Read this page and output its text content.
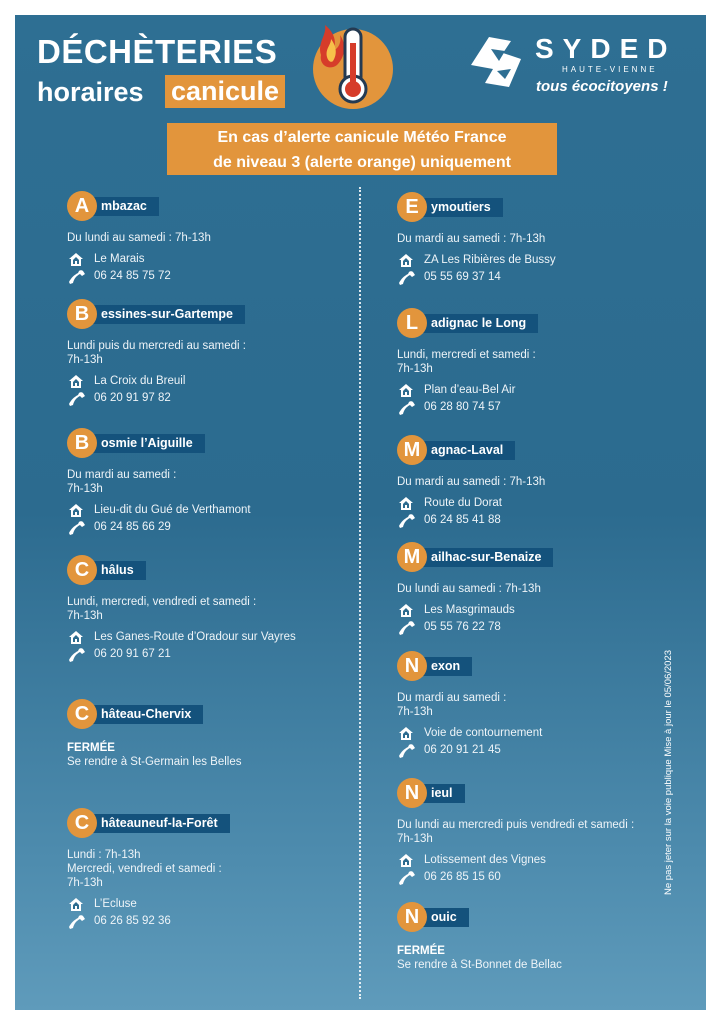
DÉCHÈTERIES
horaires canicule
SYDED
HAUTE-VIENNE
tous écocitoyens !
En cas d’alerte canicule Météo France
de niveau 3 (alerte orange) uniquement
A mbazac
Du lundi au samedi : 7h-13h
Le Marais
06 24 85 75 72
B essines-sur-Gartempe
Lundi puis du mercredi au samedi :
7h-13h
La Croix du Breuil
06 20 91 97 82
B osmie l’Aiguille
Du mardi au samedi :
7h-13h
Lieu-dit du Gué de Verthamont
06 24 85 66 29
C hâlus
Lundi, mercredi, vendredi et samedi :
7h-13h
Les Ganes-Route d’Oradour sur Vayres
06 20 91 67 21
C hâteau-Chervix
FERMÉE
Se rendre à St-Germain les Belles
C hâteauneuf-la-Forêt
Lundi : 7h-13h
Mercredi, vendredi et samedi :
7h-13h
L’Ecluse
06 26 85 92 36
E ymoutiers
Du mardi au samedi : 7h-13h
ZA Les Ribières de Bussy
05 55 69 37 14
L	adignac le Long
Lundi, mercredi et samedi :
7h-13h
Plan d’eau-Bel Air
06 28 80 74 57
M agnac-Laval
Du mardi au samedi : 7h-13h
Route du Dorat
06 24 85 41 88
M ailhac-sur-Benaize
Du lundi au samedi : 7h-13h
Les Masgrimauds
05 55 76 22 78
N exon
Du mardi au samedi :
7h-13h
Voie de contournement
06 20 91 21 45
N ieul
Du lundi au mercredi puis vendredi et samedi :
7h-13h
Lotissement des Vignes
06 26 85 15 60
N ouic
FERMÉE
Se rendre à St-Bonnet de Bellac
Ne pas jeter sur la voie publique Mise à jour le 05/06/2023
